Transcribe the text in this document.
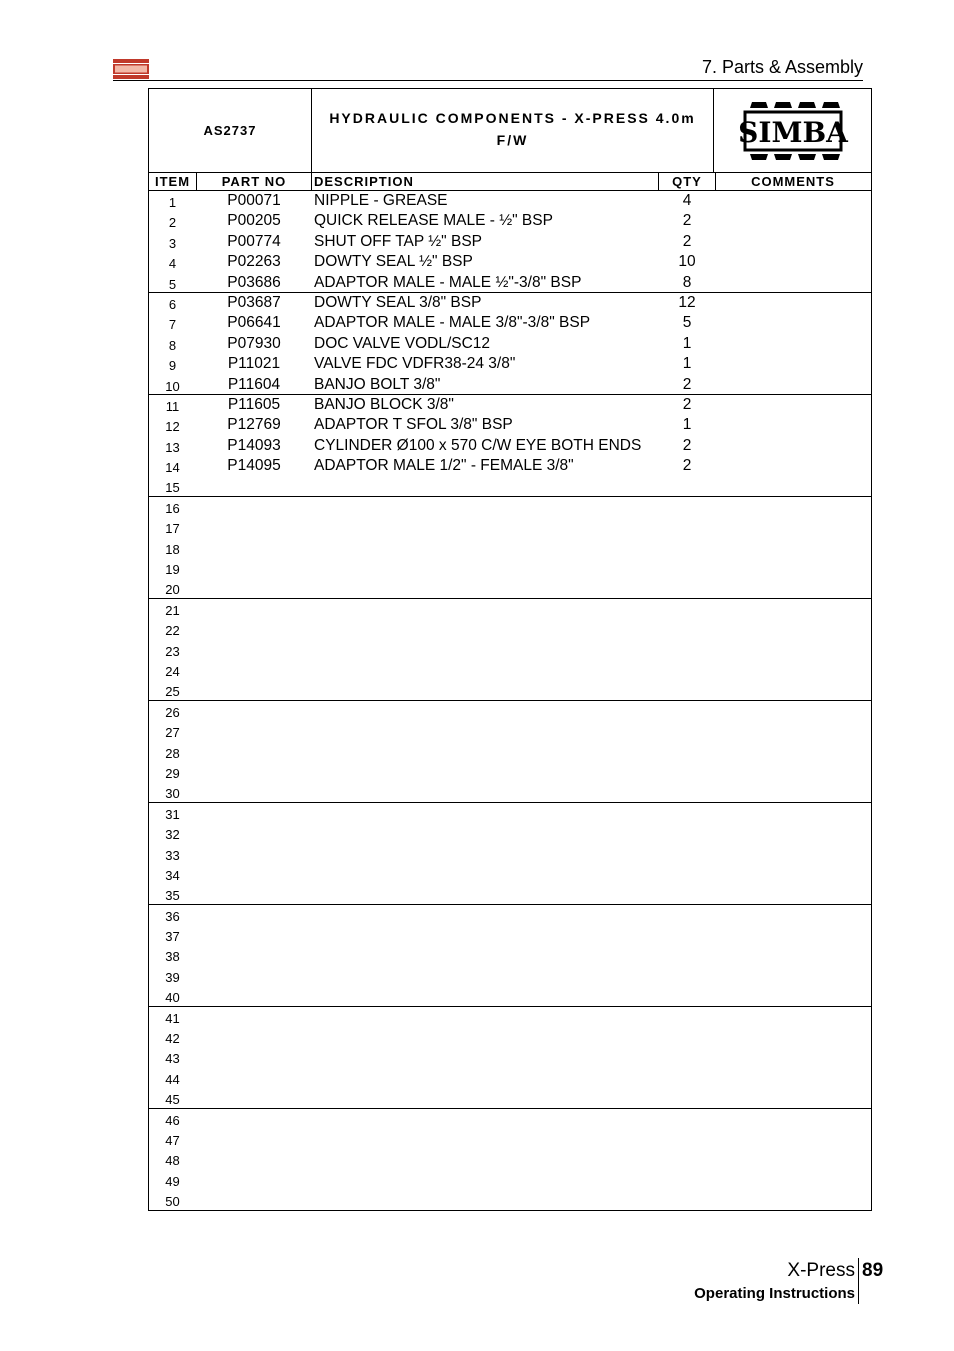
7. Parts & Assembly
AS2737
HYDRAULIC COMPONENTS - X-PRESS 4.0m
F/W	SIMBA
ITEM	PART NO	DESCRIPTION	QTY	COMMENTS
1	P00071	NIPPLE - GREASE	4
2	P00205	QUICK RELEASE MALE - ½" BSP	2
3	P00774	SHUT OFF TAP ½" BSP	2
4	P02263	DOWTY SEAL ½" BSP	10
5	P03686	ADAPTOR MALE - MALE ½"-3/8" BSP	8
6	P03687	DOWTY SEAL 3/8" BSP	12
7	P06641	ADAPTOR MALE - MALE 3/8"-3/8" BSP	5
8	P07930	DOC VALVE VODL/SC12	1
9	P11021	VALVE FDC VDFR38-24 3/8"	1
10	P11604	BANJO BOLT 3/8"	2
11	P11605	BANJO BLOCK 3/8"	2
12	P12769	ADAPTOR T SFOL 3/8" BSP	1
13	P14093	CYLINDER Ø100 x 570 C/W EYE BOTH ENDS	2
14	P14095	ADAPTOR MALE 1/2" - FEMALE 3/8"	2
15
16
17
18
19
20
21
22
23
24
25
26
27
28
29
30
31
32
33
34
35
36
37
38
39
40
41
42
43
44
45
46
47
48
49
50
X-Press 89
Operating Instructions
